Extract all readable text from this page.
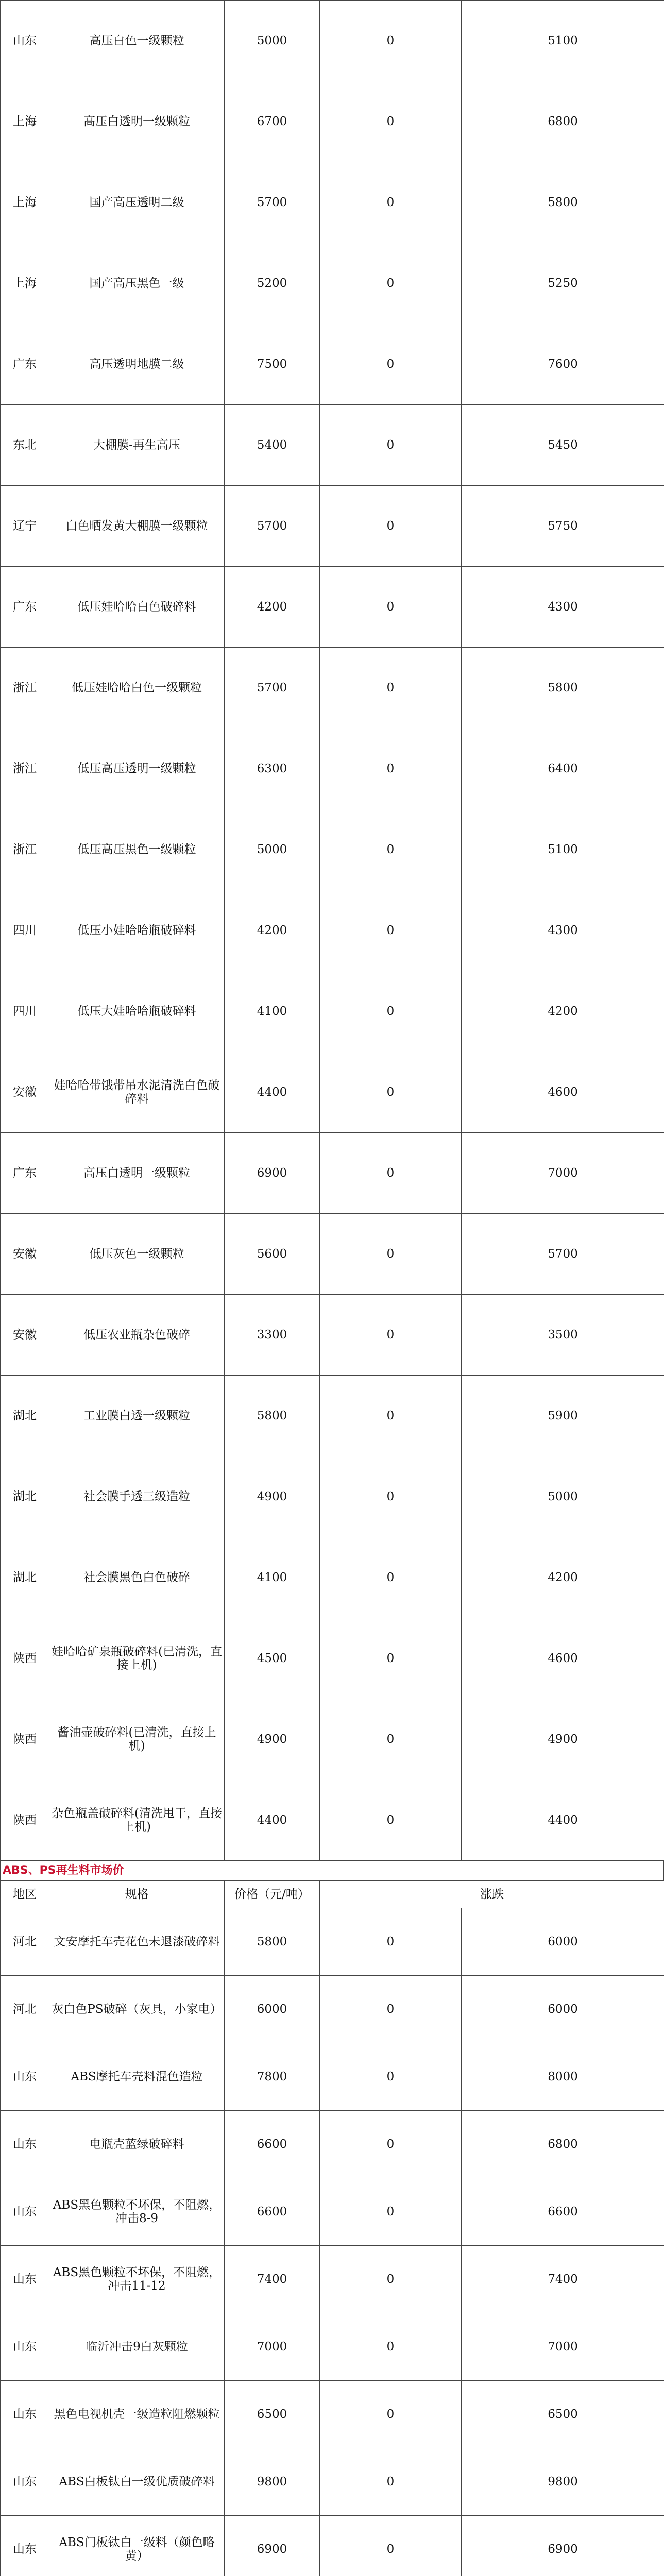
山东	高压白色一级颗粒	5000	0	5100	
上海	高压白透明一级颗粒	6700	0	6800	
上海	国产高压透明二级	5700	0	5800	
上海	国产高压黑色一级	5200	0	5250	
广东	高压透明地膜二级	7500	0	7600	
东北	大棚膜-再生高压	5400	0	5450	
辽宁	白色晒发黄大棚膜一级颗粒	5700	0	5750	
广东	低压娃哈哈白色破碎料	4200	0	4300	
浙江	低压娃哈哈白色一级颗粒	5700	0	5800	
浙江	低压高压透明一级颗粒	6300	0	6400	
浙江	低压高压黑色一级颗粒	5000	0	5100	
四川	低压小娃哈哈瓶破碎料	4200	0	4300	
四川	低压大娃哈哈瓶破碎料	4100	0	4200	
安徽	娃哈哈带饿带吊水泥清洗白色破碎料	4400	0	4600	
广东	高压白透明一级颗粒	6900	0	7000	
安徽	低压灰色一级颗粒	5600	0	5700	
安徽	低压农业瓶杂色破碎	3300	0	3500	
湖北	工业膜白透一级颗粒	5800	0	5900	
湖北	社会膜手透三级造粒	4900	0	5000	
湖北	社会膜黑色白色破碎	4100	0	4200	
陕西	娃哈哈矿泉瓶破碎料(已清洗，直接上机)	4500	0	4600	
陕西	酱油壶破碎料(已清洗，直接上机)	4900	0	4900	
陕西	杂色瓶盖破碎料(清洗甩干，直接上机)	4400	0	4400	
ABS、PS再生料市场价
地区	规格	价格（元/吨）	涨跌	
河北	文安摩托车壳花色未退漆破碎料	5800	0	6000	
河北	灰白色PS破碎（灰具，小家电）	6000	0	6000	
山东	ABS摩托车壳料混色造粒	7800	0	8000	
山东	电瓶壳蓝绿破碎料	6600	0	6800	
山东	ABS黑色颗粒不坏保，不阻燃，冲击8-9	6600	0	6600	
山东	ABS黑色颗粒不坏保，不阻燃，冲击11-12	7400	0	7400	
山东	临沂冲击9白灰颗粒	7000	0	7000	
山东	黑色电视机壳一级造粒阻燃颗粒	6500	0	6500	
山东	ABS白板钛白一级优质破碎料	9800	0	9800	
山东	ABS门板钛白一级料（颜色略黄）	6900	0	6900	
